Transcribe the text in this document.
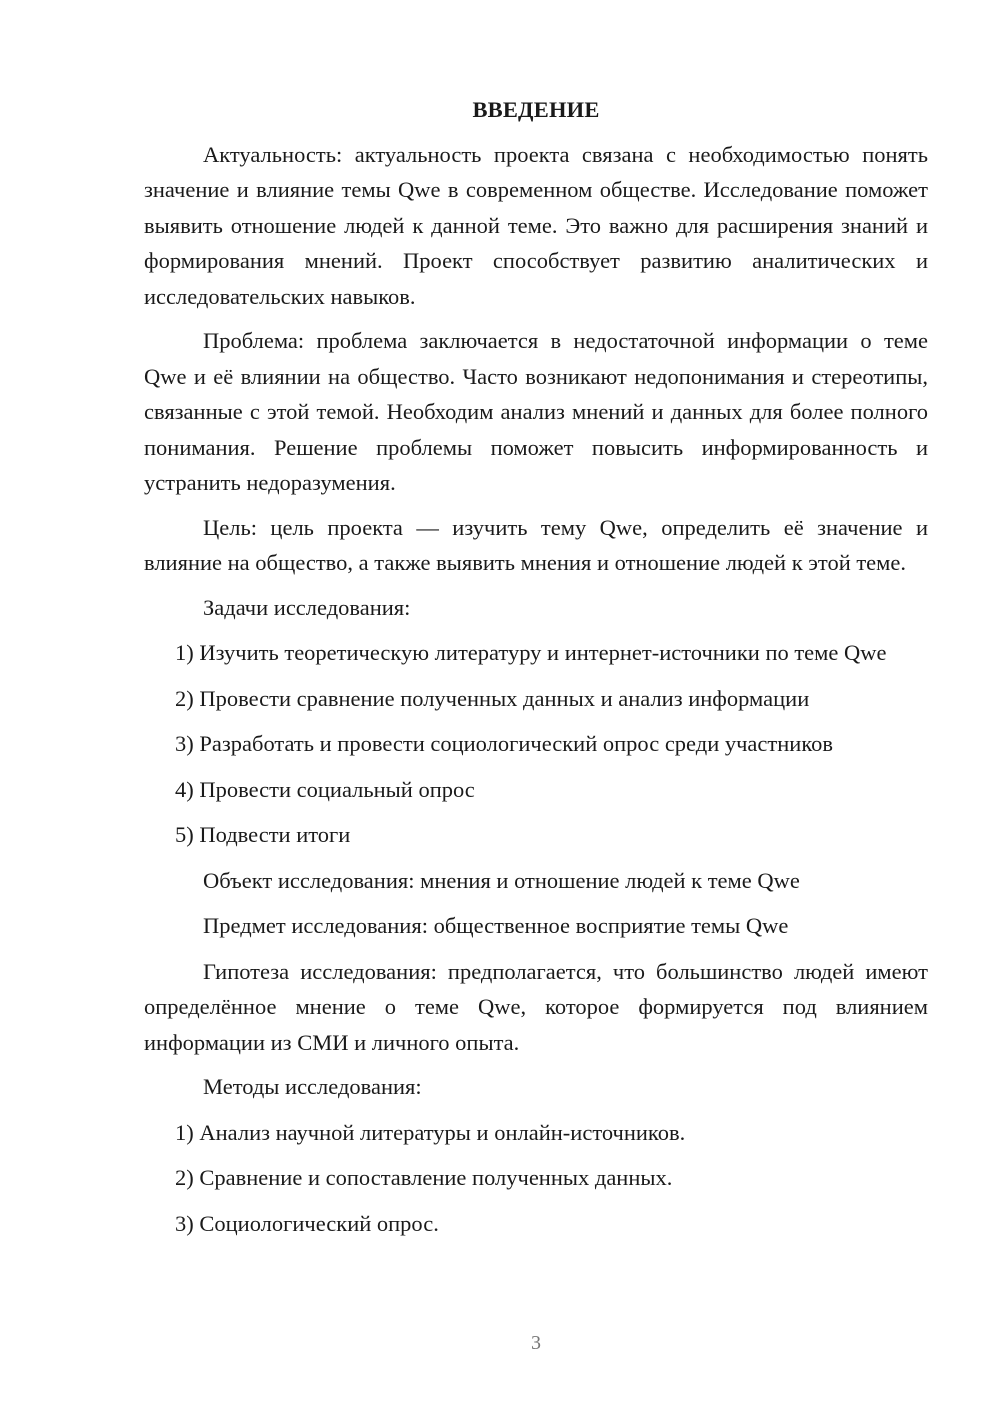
ВВЕДЕНИЕ

Актуальность: актуальность проекта связана с необходимостью понять значение и влияние темы Qwe в современном обществе. Исследование поможет выявить отношение людей к данной теме. Это важно для расширения знаний и формирования мнений. Проект способствует развитию аналитических и исследовательских навыков.

Проблема: проблема заключается в недостаточной информации о теме Qwe и её влиянии на общество. Часто возникают недопонимания и стереотипы, связанные с этой темой. Необходим анализ мнений и данных для более полного понимания. Решение проблемы поможет повысить информированность и устранить недоразумения.

Цель: цель проекта — изучить тему Qwe, определить её значение и влияние на общество, а также выявить мнения и отношение людей к этой теме.

Задачи исследования:

1) Изучить теоретическую литературу и интернет-источники по теме Qwe

2) Провести сравнение полученных данных и анализ информации

3) Разработать и провести социологический опрос среди участников

4) Провести социальный опрос

5) Подвести итоги

Объект исследования: мнения и отношение людей к теме Qwe

Предмет исследования: общественное восприятие темы Qwe

Гипотеза исследования: предполагается, что большинство людей имеют определённое мнение о теме Qwe, которое формируется под влиянием информации из СМИ и личного опыта.

Методы исследования:

1) Анализ научной литературы и онлайн-источников.

2) Сравнение и сопоставление полученных данных.

3) Социологический опрос.

3
